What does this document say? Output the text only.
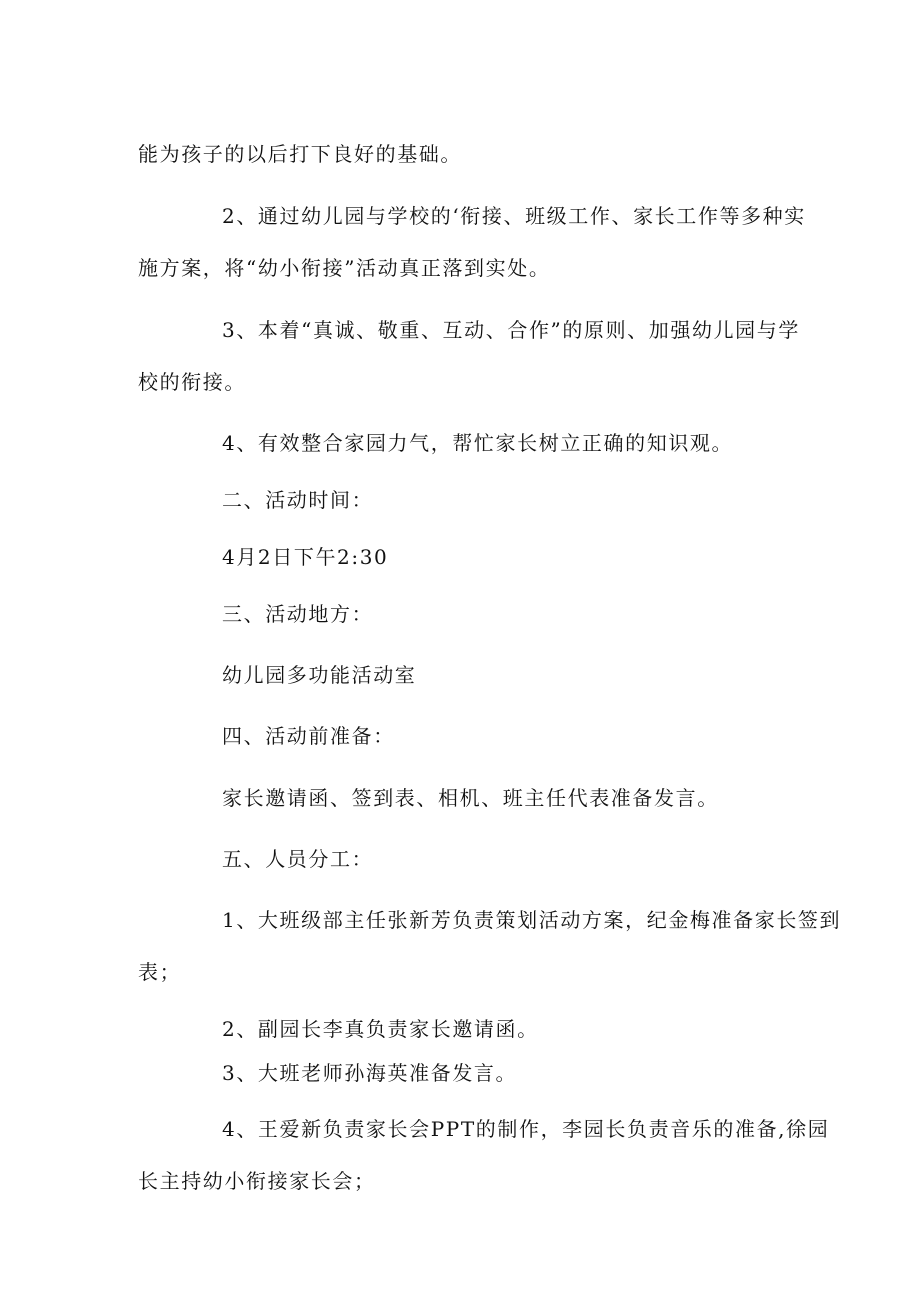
能为孩子的以后打下良好的基础。
2、通过幼儿园与学校的‘衔接、班级工作、家长工作等多种实
施方案，将“幼小衔接”活动真正落到实处。
3、本着“真诚、敬重、互动、合作”的原则、加强幼儿园与学
校的衔接。
4、有效整合家园力气，帮忙家长树立正确的知识观。
二、活动时间：
4月2日下午2:30
三、活动地方：
幼儿园多功能活动室
四、活动前准备：
家长邀请函、签到表、相机、班主任代表准备发言。
五、人员分工：
1、大班级部主任张新芳负责策划活动方案，纪金梅准备家长签到
表；
2、副园长李真负责家长邀请函。
3、大班老师孙海英准备发言。
4、王爱新负责家长会PPT的制作，李园长负责音乐的准备,徐园
长主持幼小衔接家长会；
